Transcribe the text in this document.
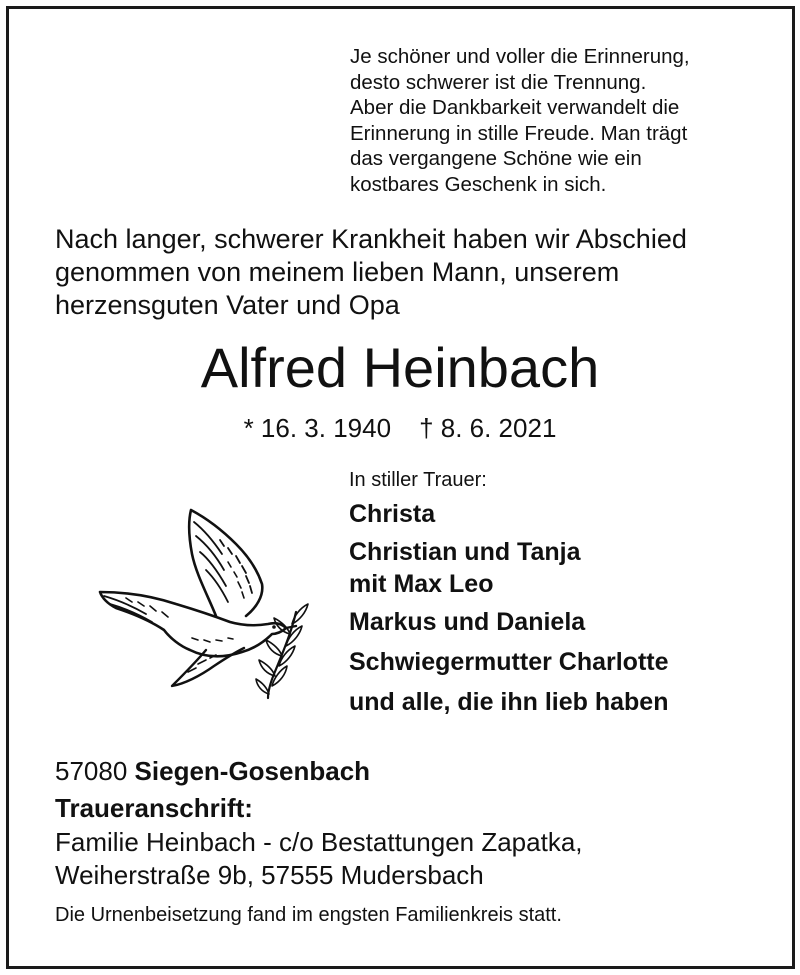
Je schöner und voller die Erinnerung,
desto schwerer ist die Trennung.
Aber die Dankbarkeit verwandelt die
Erinnerung in stille Freude. Man trägt
das vergangene Schöne wie ein
kostbares Geschenk in sich.
Nach langer, schwerer Krankheit haben wir Abschied
genommen von meinem lieben Mann, unserem
herzensguten Vater und Opa
Alfred Heinbach
* 16. 3. 1940 † 8. 6. 2021
In stiller Trauer:
Christa
Christian und Tanja
mit Max Leo
Markus und Daniela
Schwiegermutter Charlotte
und alle, die ihn lieb haben
57080 Siegen-Gosenbach
Traueranschrift:
Familie Heinbach - c/o Bestattungen Zapatka,
Weiherstraße 9b, 57555 Mudersbach
Die Urnenbeisetzung fand im engsten Familienkreis statt.
